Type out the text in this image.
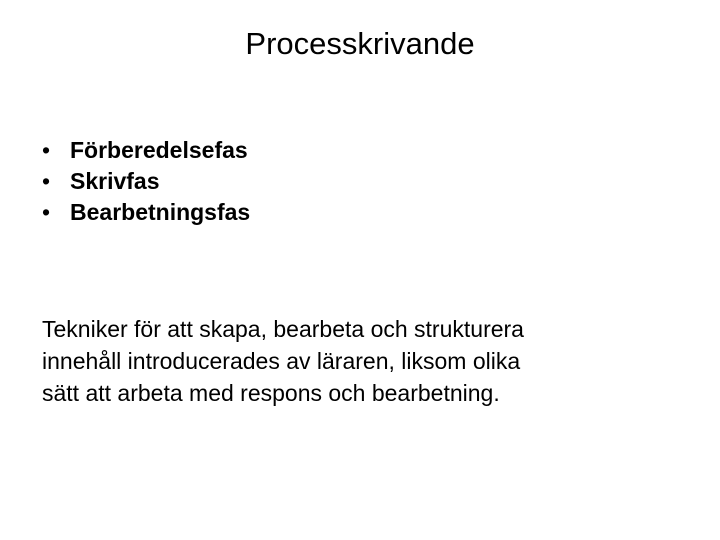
Processkrivande
• Förberedelsefas
• Skrivfas
• Bearbetningsfas

Tekniker för att skapa, bearbeta och strukturera
innehåll introducerades av läraren, liksom olika
sätt att arbeta med respons och bearbetning.
